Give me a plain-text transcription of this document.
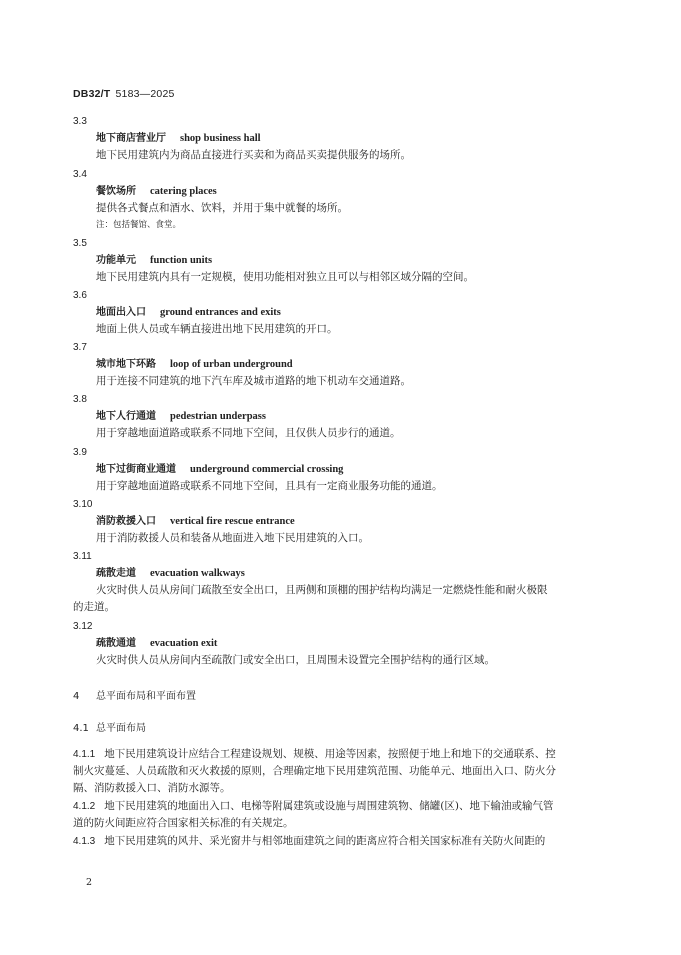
DB32/T 5183—2025
3.3
地下商店营业厅 shop business hall
地下民用建筑内为商品直接进行买卖和为商品买卖提供服务的场所。
3.4
餐饮场所 catering places
提供各式餐点和酒水、饮料，并用于集中就餐的场所。
注：包括餐馆、食堂。
3.5
功能单元 function units
地下民用建筑内具有一定规模，使用功能相对独立且可以与相邻区域分隔的空间。
3.6
地面出入口 ground entrances and exits
地面上供人员或车辆直接进出地下民用建筑的开口。
3.7
城市地下环路 loop of urban underground
用于连接不同建筑的地下汽车库及城市道路的地下机动车交通道路。
3.8
地下人行通道 pedestrian underpass
用于穿越地面道路或联系不同地下空间，且仅供人员步行的通道。
3.9
地下过街商业通道 underground commercial crossing
用于穿越地面道路或联系不同地下空间，且具有一定商业服务功能的通道。
3.10
消防救援入口 vertical fire rescue entrance
用于消防救援人员和装备从地面进入地下民用建筑的入口。
3.11
疏散走道 evacuation walkways
火灾时供人员从房间门疏散至安全出口，且两侧和顶棚的围护结构均满足一定燃烧性能和耐火极限
的走道。
3.12
疏散通道 evacuation exit
火灾时供人员从房间内至疏散门或安全出口，且周围未设置完全围护结构的通行区域。
4 总平面布局和平面布置
4.1 总平面布局
4.1.1 地下民用建筑设计应结合工程建设规划、规模、用途等因素，按照便于地上和地下的交通联系、控
制火灾蔓延、人员疏散和灭火救援的原则，合理确定地下民用建筑范围、功能单元、地面出入口、防火分
隔、消防救援入口、消防水源等。
4.1.2 地下民用建筑的地面出入口、电梯等附属建筑或设施与周围建筑物、储罐(区)、地下输油或输气管
道的防火间距应符合国家相关标准的有关规定。
4.1.3 地下民用建筑的风井、采光窗井与相邻地面建筑之间的距离应符合相关国家标准有关防火间距的
2
